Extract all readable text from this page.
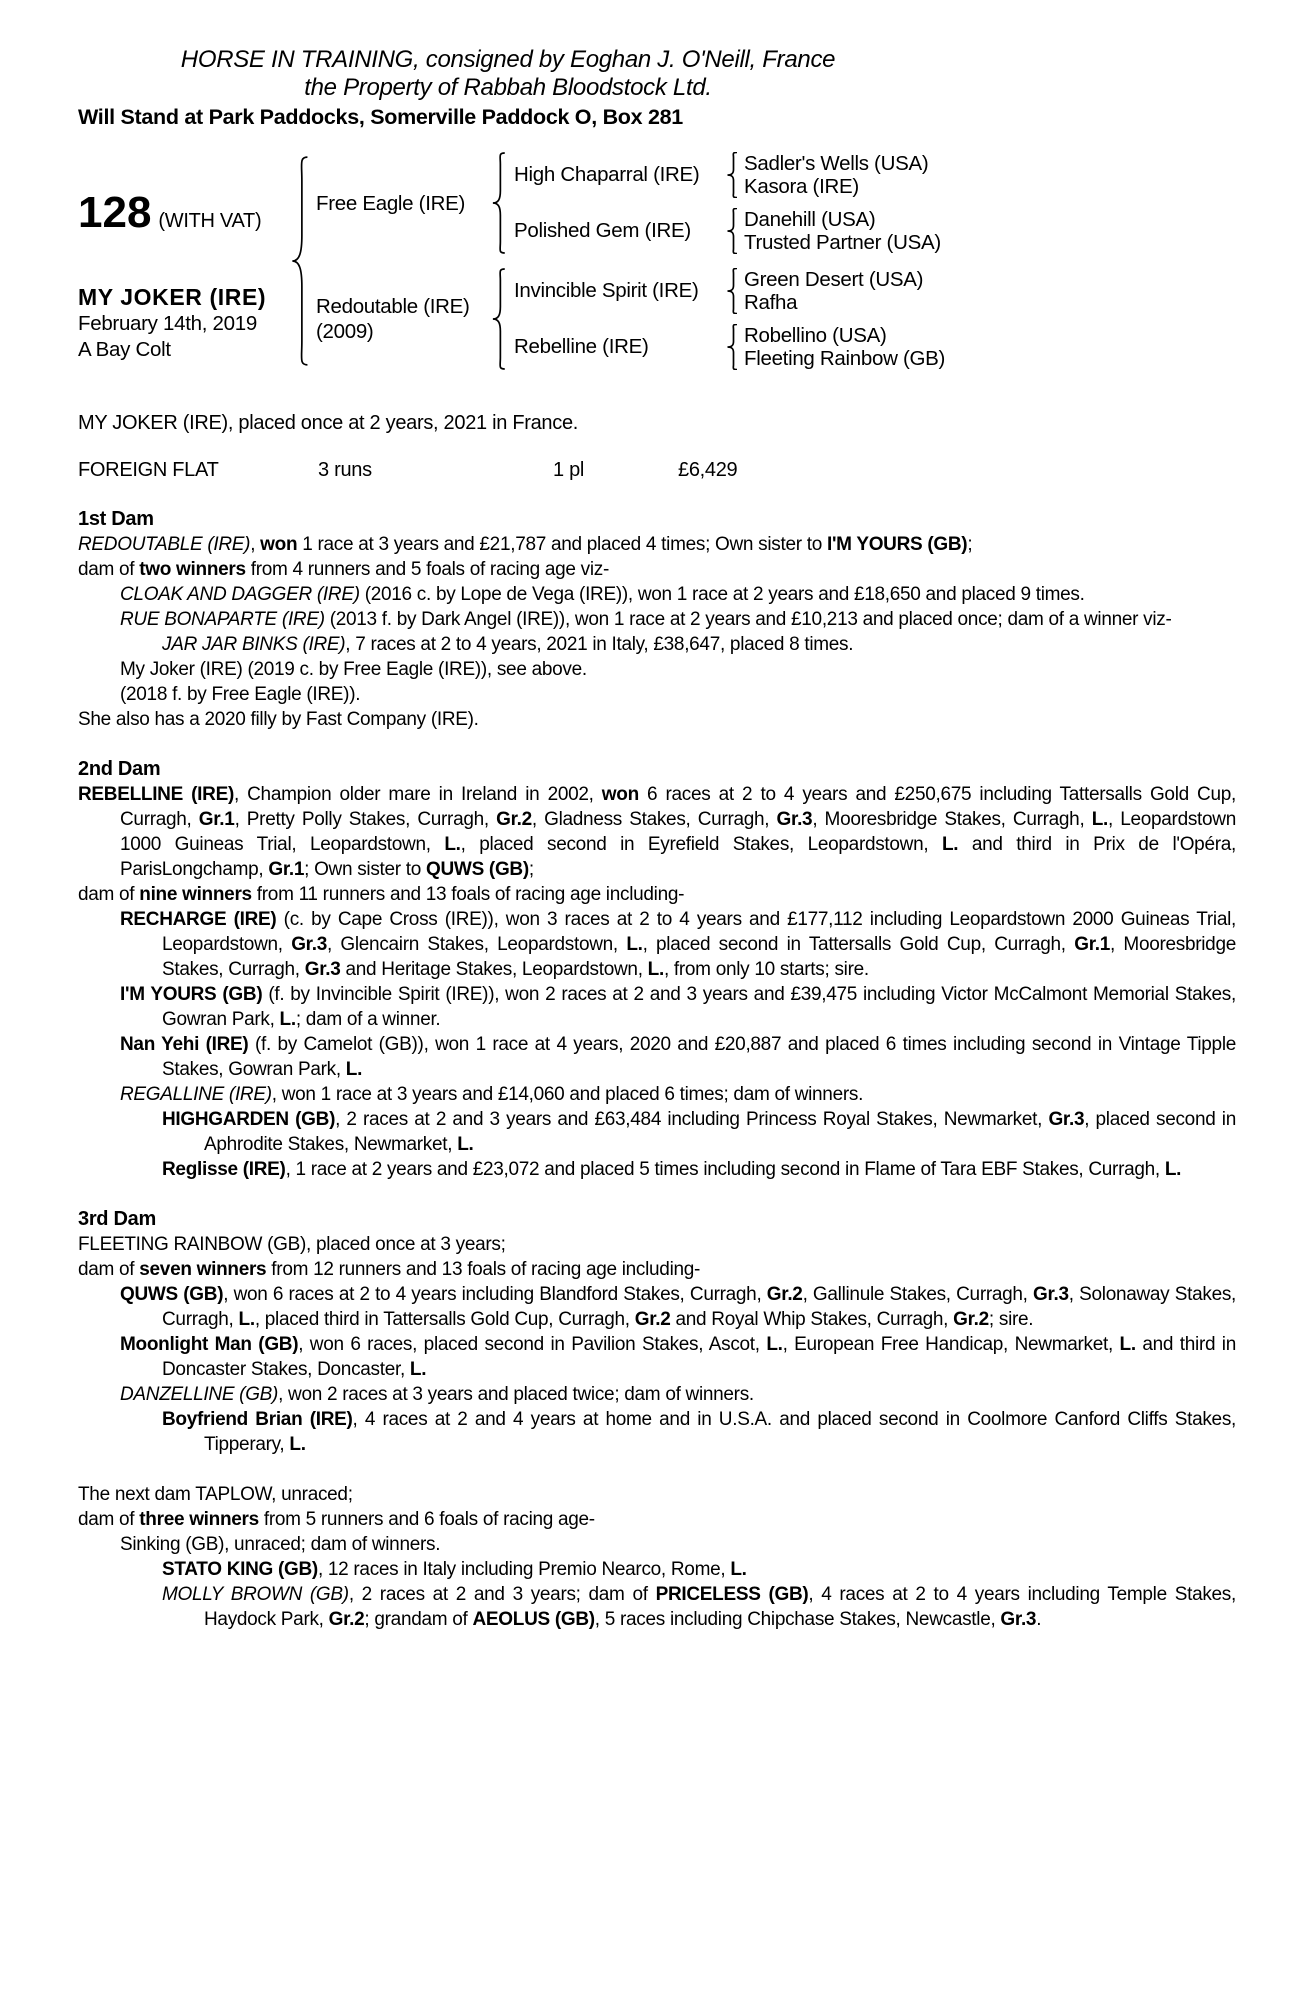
HORSE IN TRAINING, consigned by Eoghan J. O'Neill, France
the Property of Rabbah Bloodstock Ltd.
Will Stand at Park Paddocks, Somerville Paddock O, Box 281
128 (WITH VAT)
MY JOKER (IRE)
February 14th, 2019
A Bay Colt
Free Eagle (IRE)
High Chaparral (IRE)	Sadler's Wells (USA)
Kasora (IRE)
Polished Gem (IRE)	Danehill (USA)
Trusted Partner (USA)
Redoutable (IRE)
(2009)
Invincible Spirit (IRE)	Green Desert (USA)
Rafha
Rebelline (IRE)	Robellino (USA)
Fleeting Rainbow (GB)
MY JOKER (IRE), placed once at 2 years, 2021 in France.
FOREIGN FLAT	3 runs	1 pl	£6,429
1st Dam

REDOUTABLE (IRE), won 1 race at 3 years and £21,787 and placed 4 times; Own sister to I'M YOURS (GB);

dam of two winners from 4 runners and 5 foals of racing age viz-

CLOAK AND DAGGER (IRE) (2016 c. by Lope de Vega (IRE)), won 1 race at 2 years and £18,650 and placed 9 times.

RUE BONAPARTE (IRE) (2013 f. by Dark Angel (IRE)), won 1 race at 2 years and £10,213 and placed once; dam of a winner viz-

JAR JAR BINKS (IRE), 7 races at 2 to 4 years, 2021 in Italy, £38,647, placed 8 times.

My Joker (IRE) (2019 c. by Free Eagle (IRE)), see above.

(2018 f. by Free Eagle (IRE)).

She also has a 2020 filly by Fast Company (IRE).

2nd Dam

REBELLINE (IRE), Champion older mare in Ireland in 2002, won 6 races at 2 to 4 years and £250,675 including Tattersalls Gold Cup, Curragh, Gr.1, Pretty Polly Stakes, Curragh, Gr.2, Gladness Stakes, Curragh, Gr.3, Mooresbridge Stakes, Curragh, L., Leopardstown 1000 Guineas Trial, Leopardstown, L., placed second in Eyrefield Stakes, Leopardstown, L. and third in Prix de l'Opéra, ParisLongchamp, Gr.1; Own sister to QUWS (GB);

dam of nine winners from 11 runners and 13 foals of racing age including-

RECHARGE (IRE) (c. by Cape Cross (IRE)), won 3 races at 2 to 4 years and £177,112 including Leopardstown 2000 Guineas Trial, Leopardstown, Gr.3, Glencairn Stakes, Leopardstown, L., placed second in Tattersalls Gold Cup, Curragh, Gr.1, Mooresbridge Stakes, Curragh, Gr.3 and Heritage Stakes, Leopardstown, L., from only 10 starts; sire.

I'M YOURS (GB) (f. by Invincible Spirit (IRE)), won 2 races at 2 and 3 years and £39,475 including Victor McCalmont Memorial Stakes, Gowran Park, L.; dam of a winner.

Nan Yehi (IRE) (f. by Camelot (GB)), won 1 race at 4 years, 2020 and £20,887 and placed 6 times including second in Vintage Tipple Stakes, Gowran Park, L.

REGALLINE (IRE), won 1 race at 3 years and £14,060 and placed 6 times; dam of winners.

HIGHGARDEN (GB), 2 races at 2 and 3 years and £63,484 including Princess Royal Stakes, Newmarket, Gr.3, placed second in Aphrodite Stakes, Newmarket, L.

Reglisse (IRE), 1 race at 2 years and £23,072 and placed 5 times including second in Flame of Tara EBF Stakes, Curragh, L.

3rd Dam

FLEETING RAINBOW (GB), placed once at 3 years;

dam of seven winners from 12 runners and 13 foals of racing age including-

QUWS (GB), won 6 races at 2 to 4 years including Blandford Stakes, Curragh, Gr.2, Gallinule Stakes, Curragh, Gr.3, Solonaway Stakes, Curragh, L., placed third in Tattersalls Gold Cup, Curragh, Gr.2 and Royal Whip Stakes, Curragh, Gr.2; sire.

Moonlight Man (GB), won 6 races, placed second in Pavilion Stakes, Ascot, L., European Free Handicap, Newmarket, L. and third in Doncaster Stakes, Doncaster, L.

DANZELLINE (GB), won 2 races at 3 years and placed twice; dam of winners.

Boyfriend Brian (IRE), 4 races at 2 and 4 years at home and in U.S.A. and placed second in Coolmore Canford Cliffs Stakes, Tipperary, L.

The next dam TAPLOW, unraced;

dam of three winners from 5 runners and 6 foals of racing age-

Sinking (GB), unraced; dam of winners.

STATO KING (GB), 12 races in Italy including Premio Nearco, Rome, L.

MOLLY BROWN (GB), 2 races at 2 and 3 years; dam of PRICELESS (GB), 4 races at 2 to 4 years including Temple Stakes, Haydock Park, Gr.2; grandam of AEOLUS (GB), 5 races including Chipchase Stakes, Newcastle, Gr.3.
